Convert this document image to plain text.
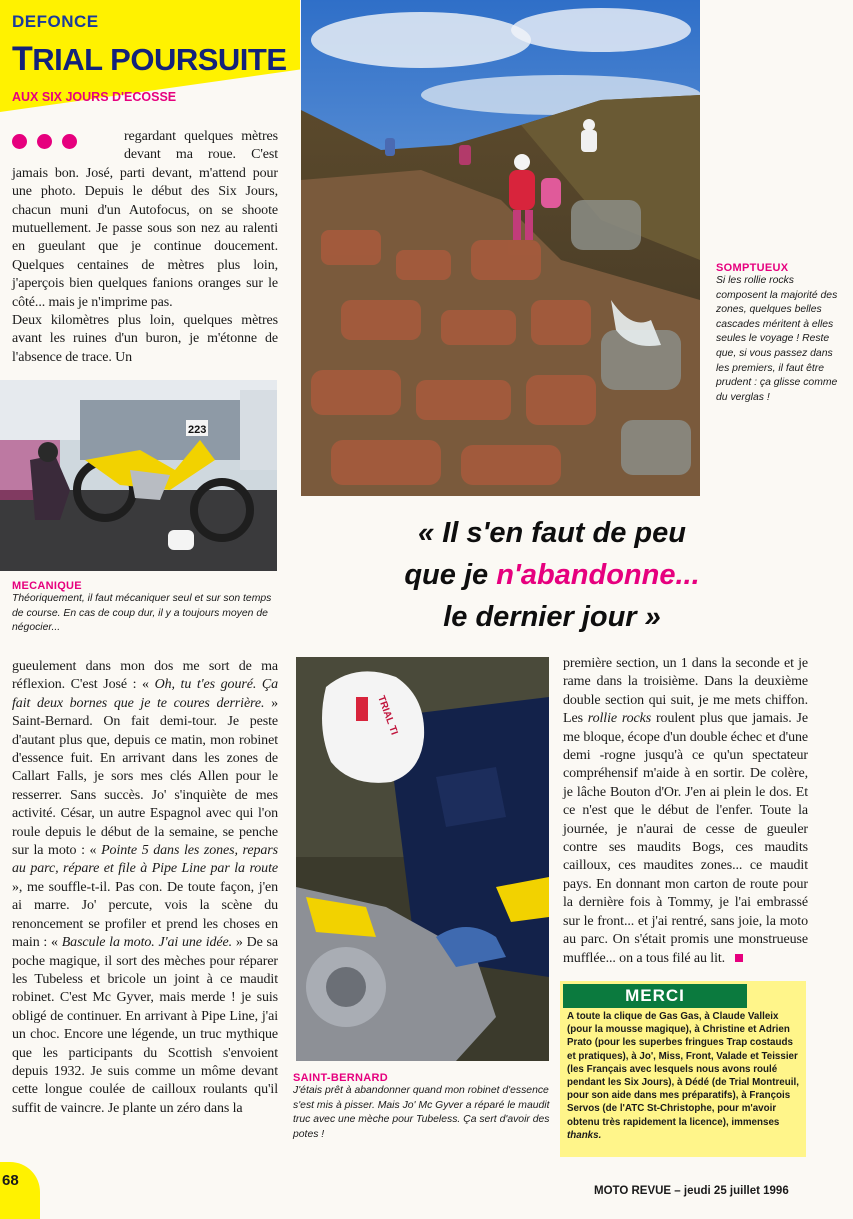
DEFONCE
TRIAL POURSUITE
AUX SIX JOURS D'ECOSSE

regardant quelques mètres devant ma roue. C'est jamais bon. José, parti devant, m'attend pour une photo. Depuis le début des Six Jours, chacun muni d'un Autofocus, on se shoote mutuellement. Je passe sous son nez au ralenti en gueulant que je continue doucement. Quelques centaines de mètres plus loin, j'aperçois bien quelques fanions oranges sur le côté... mais je n'imprime pas.

Deux kilomètres plus loin, quelques mètres avant les ruines d'un buron, je m'étonne de l'absence de trace. Un

SOMPTUEUX
Si les rollie rocks composent la majorité des zones, quelques belles cascades méritent à elles seules le voyage ! Reste que, si vous passez dans les premiers, il faut être prudent : ça glisse comme du verglas !
223
MECANIQUE
Théoriquement, il faut mécaniquer seul et sur son temps de course. En cas de coup dur, il y a toujours moyen de négocier...
« Il s'en faut de peu
que je n'abandonne...
le dernier jour »

gueulement dans mon dos me sort de ma réflexion. C'est José : « Oh, tu t'es gouré. Ça fait deux bornes que je te coures derrière. » Saint-Bernard. On fait demi-tour. Je peste d'autant plus que, depuis ce matin, mon robinet d'essence fuit. En arrivant dans les zones de Callart Falls, je sors mes clés Allen pour le resserrer. Sans succès. Jo' s'inquiète de mes activité. César, un autre Espagnol avec qui l'on roule depuis le début de la semaine, se penche sur la moto : « Pointe 5 dans les zones, repars au parc, répare et file à Pipe Line par la route », me souffle-t-il. Pas con. De toute façon, j'en ai marre. Jo' percute, vois la scène du renoncement se profiler et prend les choses en main : « Bascule la moto. J'ai une idée. » De sa poche magique, il sort des mèches pour réparer les Tubeless et bricole un joint à ce maudit robinet. C'est Mc Gyver, mais merde ! je suis obligé de continuer. En arrivant à Pipe Line, j'ai un choc. Encore une légende, un truc mythique que les participants du Scottish s'envoient depuis 1932. Je suis comme un môme devant cette longue coulée de cailloux roulants qu'il suffit de vaincre. Je plante un zéro dans la

TRIAL TI
SAINT-BERNARD
J'étais prêt à abandonner quand mon robinet d'essence s'est mis à pisser. Mais Jo' Mc Gyver a réparé le maudit truc avec une mèche pour Tubeless. Ça sert d'avoir des potes !

première section, un 1 dans la seconde et je rame dans la troisième. Dans la deuxième double section qui suit, je me mets chiffon. Les rollie rocks roulent plus que jamais. Je me bloque, écope d'un double échec et d'une demi -rogne jusqu'à ce qu'un spectateur compréhensif m'aide à en sortir. De colère, je lâche Bouton d'Or. J'en ai plein le dos. Et ce n'est que le début de l'enfer. Toute la journée, je n'aurai de cesse de gueuler contre ses maudits Bogs, ces maudits cailloux, ces maudites zones... ce maudit pays. En donnant mon carton de route pour la dernière fois à Tommy, je l'ai embrassé sur le front... et j'ai rentré, sans joie, la moto au parc. On s'était promis une monstrueuse mufflée... on a tous filé au lit.

MERCI
A toute la clique de Gas Gas, à Claude Valleix (pour la mousse magique), à Christine et Adrien Prato (pour les superbes fringues Trap costauds et pratiques), à Jo', Miss, Front, Valade et Teissier (les Français avec lesquels nous avons roulé pendant les Six Jours), à Dédé (de Trial Montreuil, pour son aide dans mes préparatifs), à François Servos (de l'ATC St-Christophe, pour m'avoir obtenu très rapidement la licence), immenses thanks.
68
MOTO REVUE – jeudi 25 juillet 1996
